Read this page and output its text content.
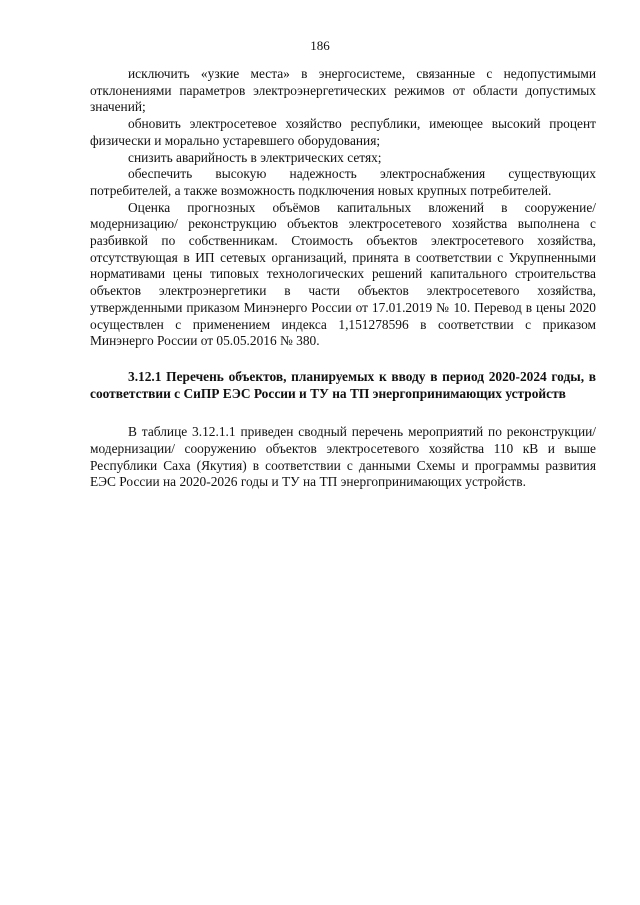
186

исключить «узкие места» в энергосистеме, связанные с недопустимыми отклонениями параметров электроэнергетических режимов от области допустимых значений;

обновить электросетевое хозяйство республики, имеющее высокий процент физически и морально устаревшего оборудования;

снизить аварийность в электрических сетях;

обеспечить высокую надежность электроснабжения существующих потребителей, а также возможность подключения новых крупных потребителей.

Оценка прогнозных объёмов капитальных вложений в сооружение/ модернизацию/ реконструкцию объектов электросетевого хозяйства выполнена с разбивкой по собственникам. Стоимость объектов электросетевого хозяйства, отсутствующая в ИП сетевых организаций, принята в соответствии с Укрупненными нормативами цены типовых технологических решений капитального строительства объектов электроэнергетики в части объектов электросетевого хозяйства, утвержденными приказом Минэнерго России от 17.01.2019 № 10. Перевод в цены 2020 осуществлен с применением индекса 1,151278596 в соответствии с приказом Минэнерго России от 05.05.2016 № 380.

3.12.1 Перечень объектов, планируемых к вводу в период 2020-2024 годы, в соответствии с СиПР ЕЭС России и ТУ на ТП энергопринимающих устройств

В таблице 3.12.1.1 приведен сводный перечень мероприятий по реконструкции/ модернизации/ сооружению объектов электросетевого хозяйства 110 кВ и выше Республики Саха (Якутия) в соответствии с данными Схемы и программы развития ЕЭС России на 2020-2026 годы и ТУ на ТП энергопринимающих устройств.
